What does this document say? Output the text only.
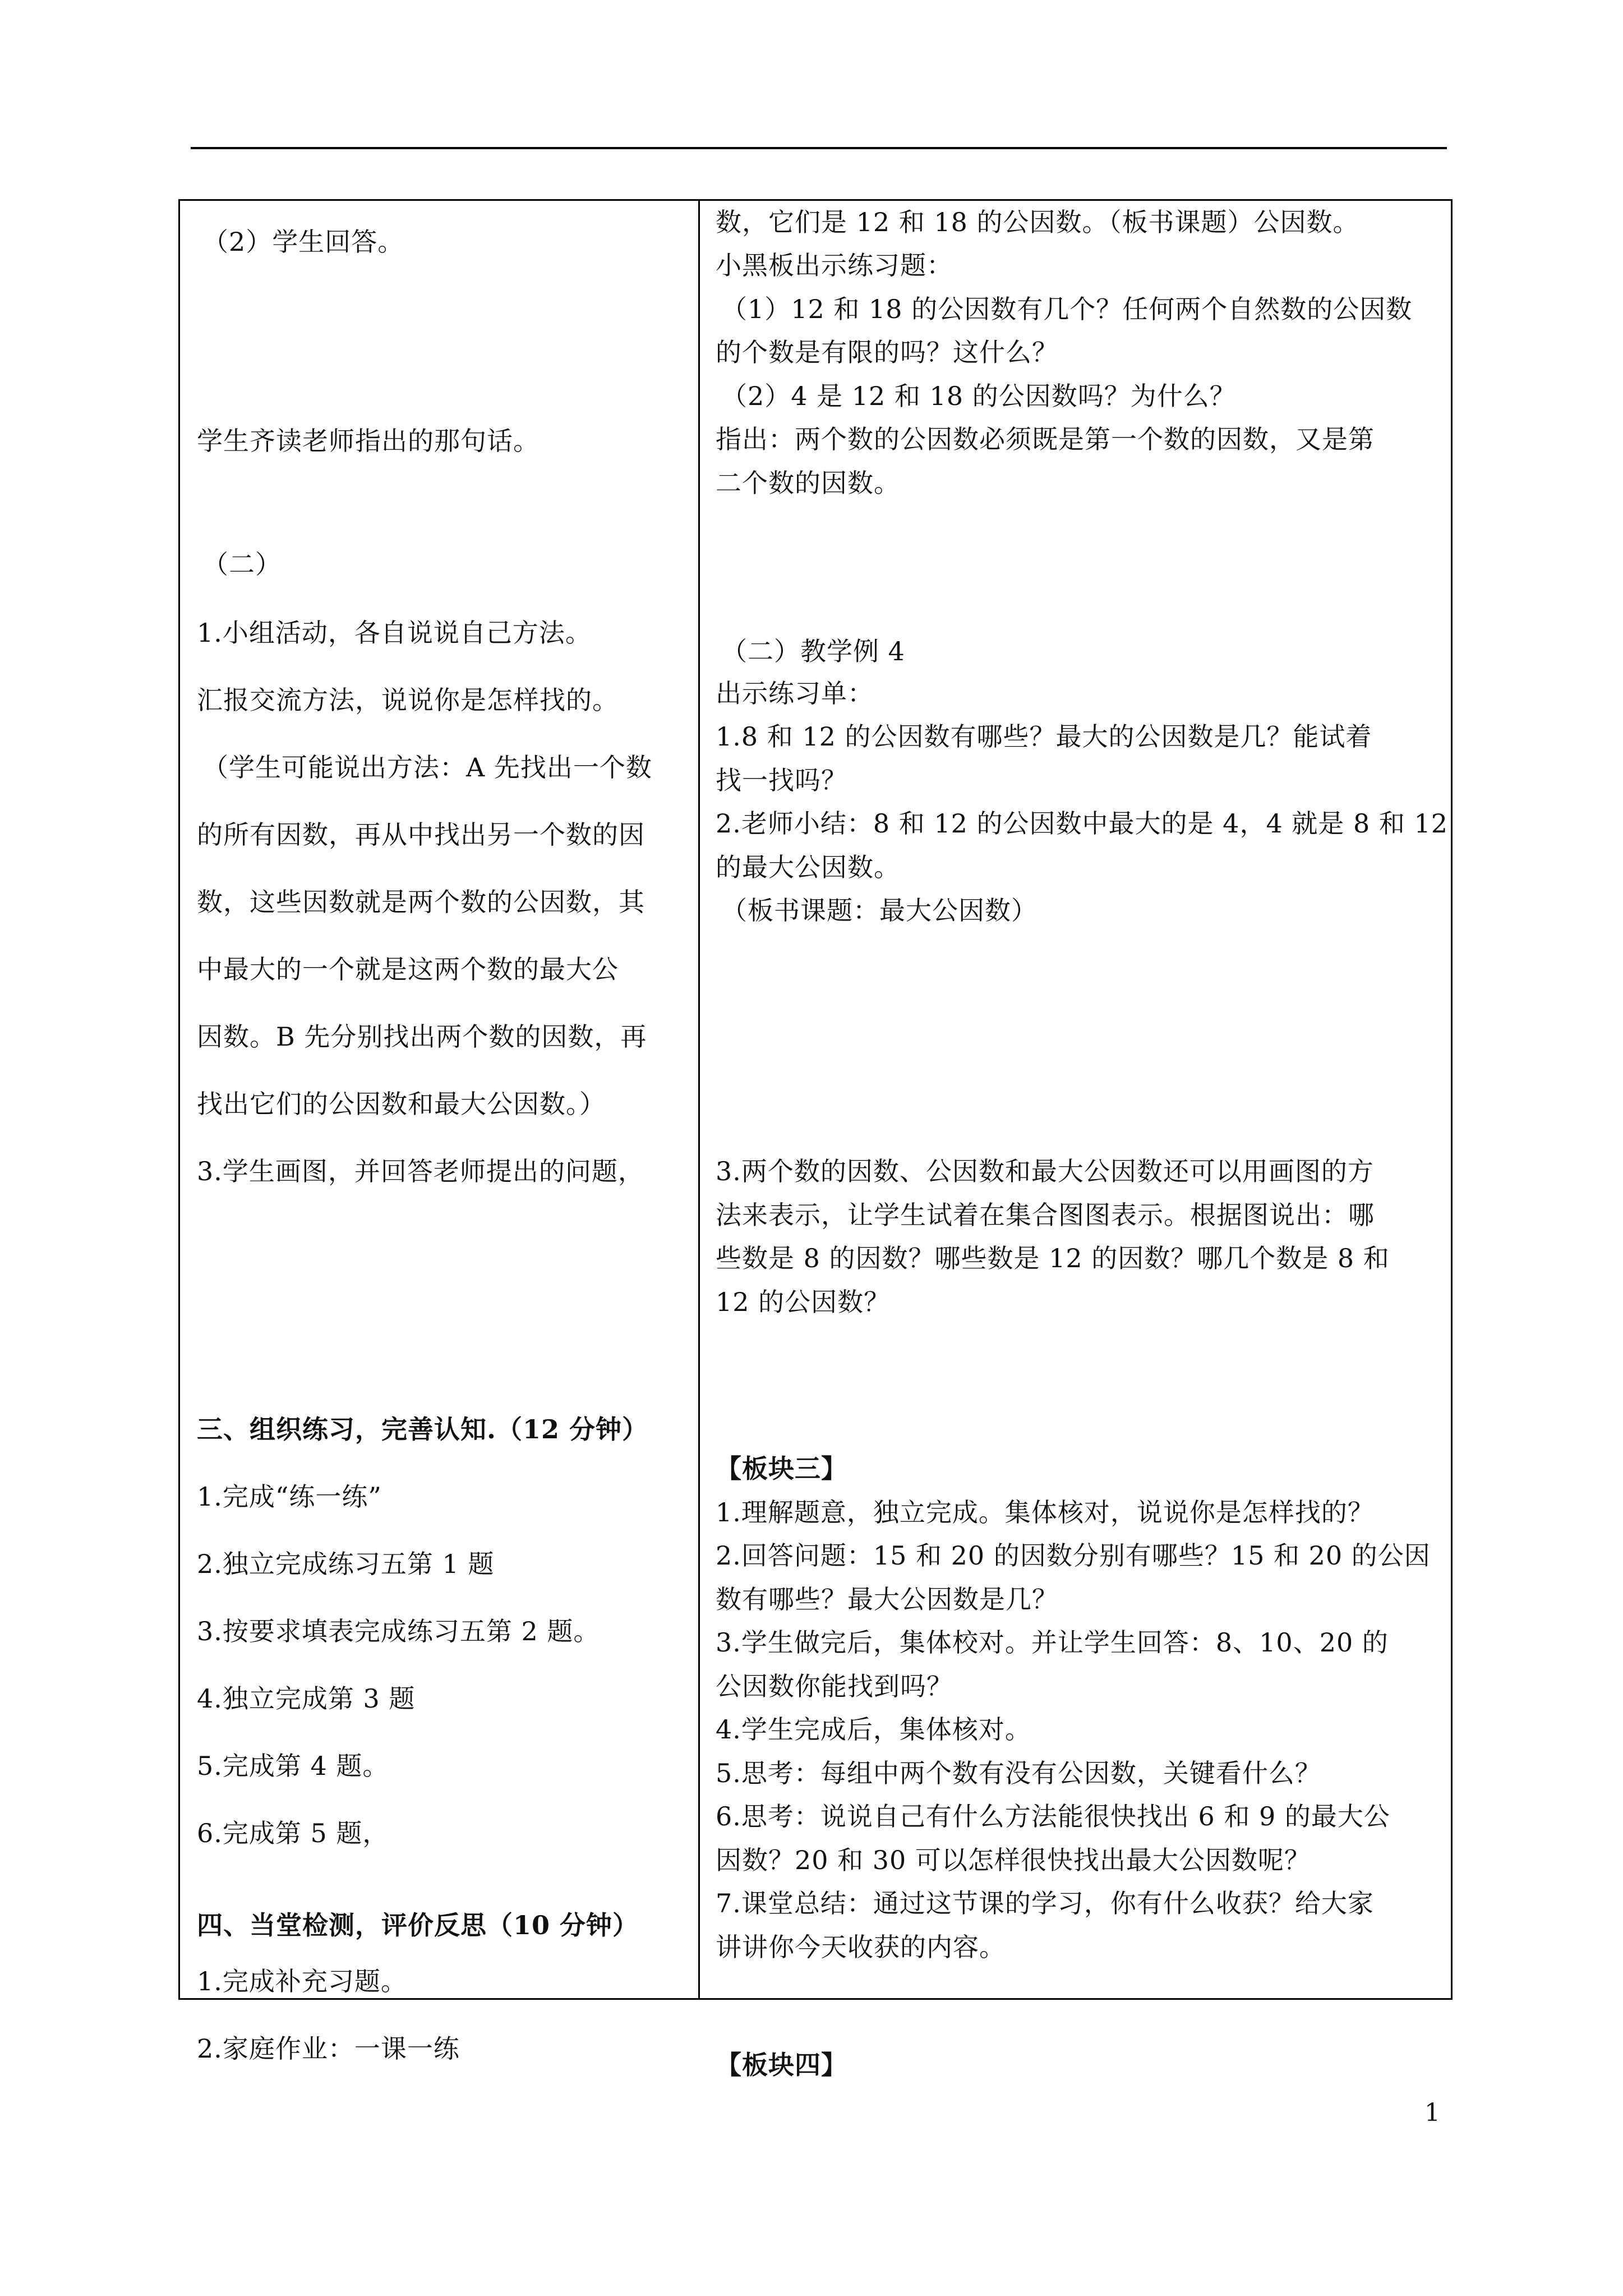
（2）学生回答。
学生齐读老师指出的那句话。
（二）
1.小组活动，各自说说自己方法。
汇报交流方法，说说你是怎样找的。
（学生可能说出方法：A 先找出一个数
的所有因数，再从中找出另一个数的因
数，这些因数就是两个数的公因数，其
中最大的一个就是这两个数的最大公
因数。B 先分别找出两个数的因数，再
找出它们的公因数和最大公因数。）
3.学生画图，并回答老师提出的问题，
三、组织练习，完善认知.（12 分钟）
1.完成“练一练”
2.独立完成练习五第 1 题
3.按要求填表完成练习五第 2 题。
4.独立完成第 3 题
5.完成第 4 题。
6.完成第 5 题，
四、当堂检测，评价反思（10 分钟）
1.完成补充习题。
2.家庭作业：一课一练
数，它们是 12 和 18 的公因数。（板书课题）公因数。
小黑板出示练习题：
（1）12 和 18 的公因数有几个？任何两个自然数的公因数
的个数是有限的吗？这什么？
（2）4 是 12 和 18 的公因数吗？为什么？
指出：两个数的公因数必须既是第一个数的因数，又是第
二个数的因数。
（二）教学例 4
出示练习单：
1.8 和 12 的公因数有哪些？最大的公因数是几？能试着
找一找吗？
2.老师小结：8 和 12 的公因数中最大的是 4，4 就是 8 和 12
的最大公因数。
（板书课题：最大公因数）
3.两个数的因数、公因数和最大公因数还可以用画图的方
法来表示，让学生试着在集合图图表示。根据图说出：哪
些数是 8 的因数？哪些数是 12 的因数？哪几个数是 8 和
12 的公因数？
【板块三】
1.理解题意，独立完成。集体核对，说说你是怎样找的？
2.回答问题：15 和 20 的因数分别有哪些？15 和 20 的公因
数有哪些？最大公因数是几？
3.学生做完后，集体校对。并让学生回答：8、10、20 的
公因数你能找到吗？
4.学生完成后，集体核对。
5.思考：每组中两个数有没有公因数，关键看什么？
6.思考：说说自己有什么方法能很快找出 6 和 9 的最大公
因数？20 和 30 可以怎样很快找出最大公因数呢？
7.课堂总结：通过这节课的学习，你有什么收获？给大家
讲讲你今天收获的内容。
【板块四】
1
